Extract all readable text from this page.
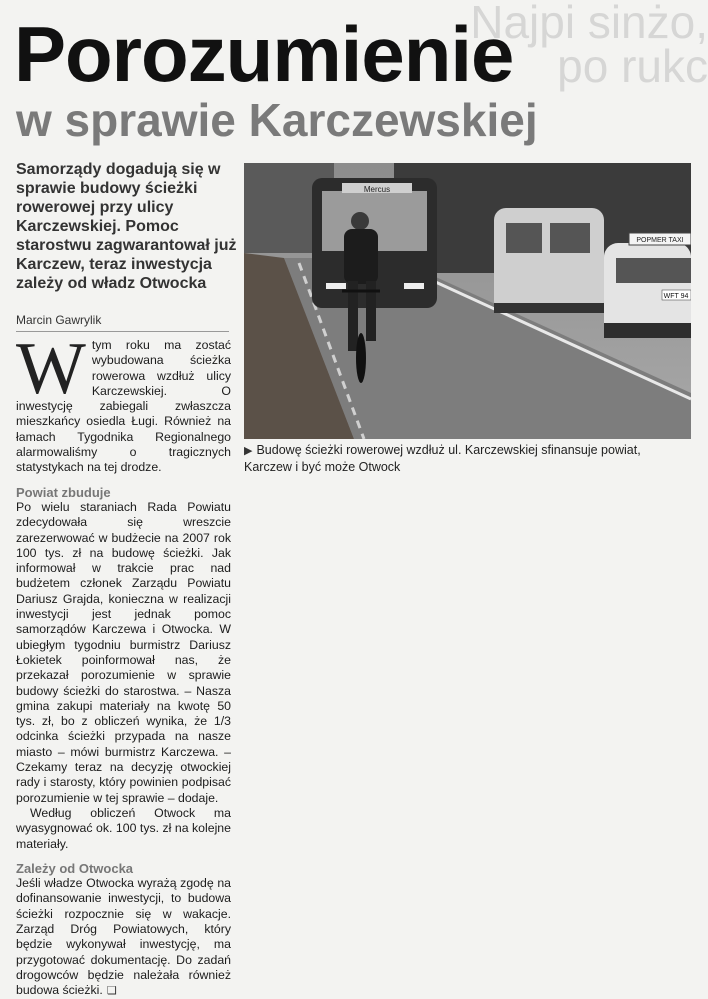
Najpi sinżo, po rukc
Porozumienie
w sprawie Karczewskiej

Samorządy dogadują się w sprawie budowy ścieżki rowerowej przy ulicy Karczewskiej. Pomoc starostwu zagwarantował już Karczew, teraz inwestycja zależy od władz Otwocka

Marcin Gawrylik
W tym roku ma zostać wybudowana ścieżka rowerowa wzdłuż ulicy Karczewskiej. O inwestycję zabiegali zwłaszcza mieszkańcy osiedla Ługi. Również na łamach Tygodnika Regionalnego alarmowaliśmy o tragicznych statystykach na tej drodze.

Powiat zbuduje

Po wielu staraniach Rada Powiatu zdecydowała się wreszcie zarezerwować w budżecie na 2007 rok 100 tys. zł na budowę ścieżki. Jak informował w trakcie prac nad budżetem członek Zarządu Powiatu Dariusz Grajda, konieczna w realizacji inwestycji jest jednak pomoc samorządów Karczewa i Otwocka. W ubiegłym tygodniu burmistrz Dariusz Łokietek poinformował nas, że przekazał porozumienie w sprawie budowy ścieżki do starostwa. – Nasza gmina zakupi materiały na kwotę 50 tys. zł, bo z obliczeń wynika, że 1/3 odcinka ścieżki przypada na nasze miasto – mówi burmistrz Karczewa. – Czekamy teraz na decyzję otwockiej rady i starosty, który powinien podpisać porozumienie w tej sprawie – dodaje.

Według obliczeń Otwock ma wyasygnować ok. 100 tys. zł na kolejne materiały.

Zależy od Otwocka

Jeśli władze Otwocka wyrażą zgodę na dofinansowanie inwestycji, to budowa ścieżki rozpocznie się w wakacje. Zarząd Dróg Powiatowych, który będzie wykonywał inwestycję, ma przygotować dokumentację. Do zadań drogowców będzie należała również budowa ścieżki. ❑

Mercus
POPMER TAXI
WFT 94
▶ Budowę ścieżki rowerowej wzdłuż ul. Karczewskiej sfinansuje powiat, Karczew i być może Otwock
